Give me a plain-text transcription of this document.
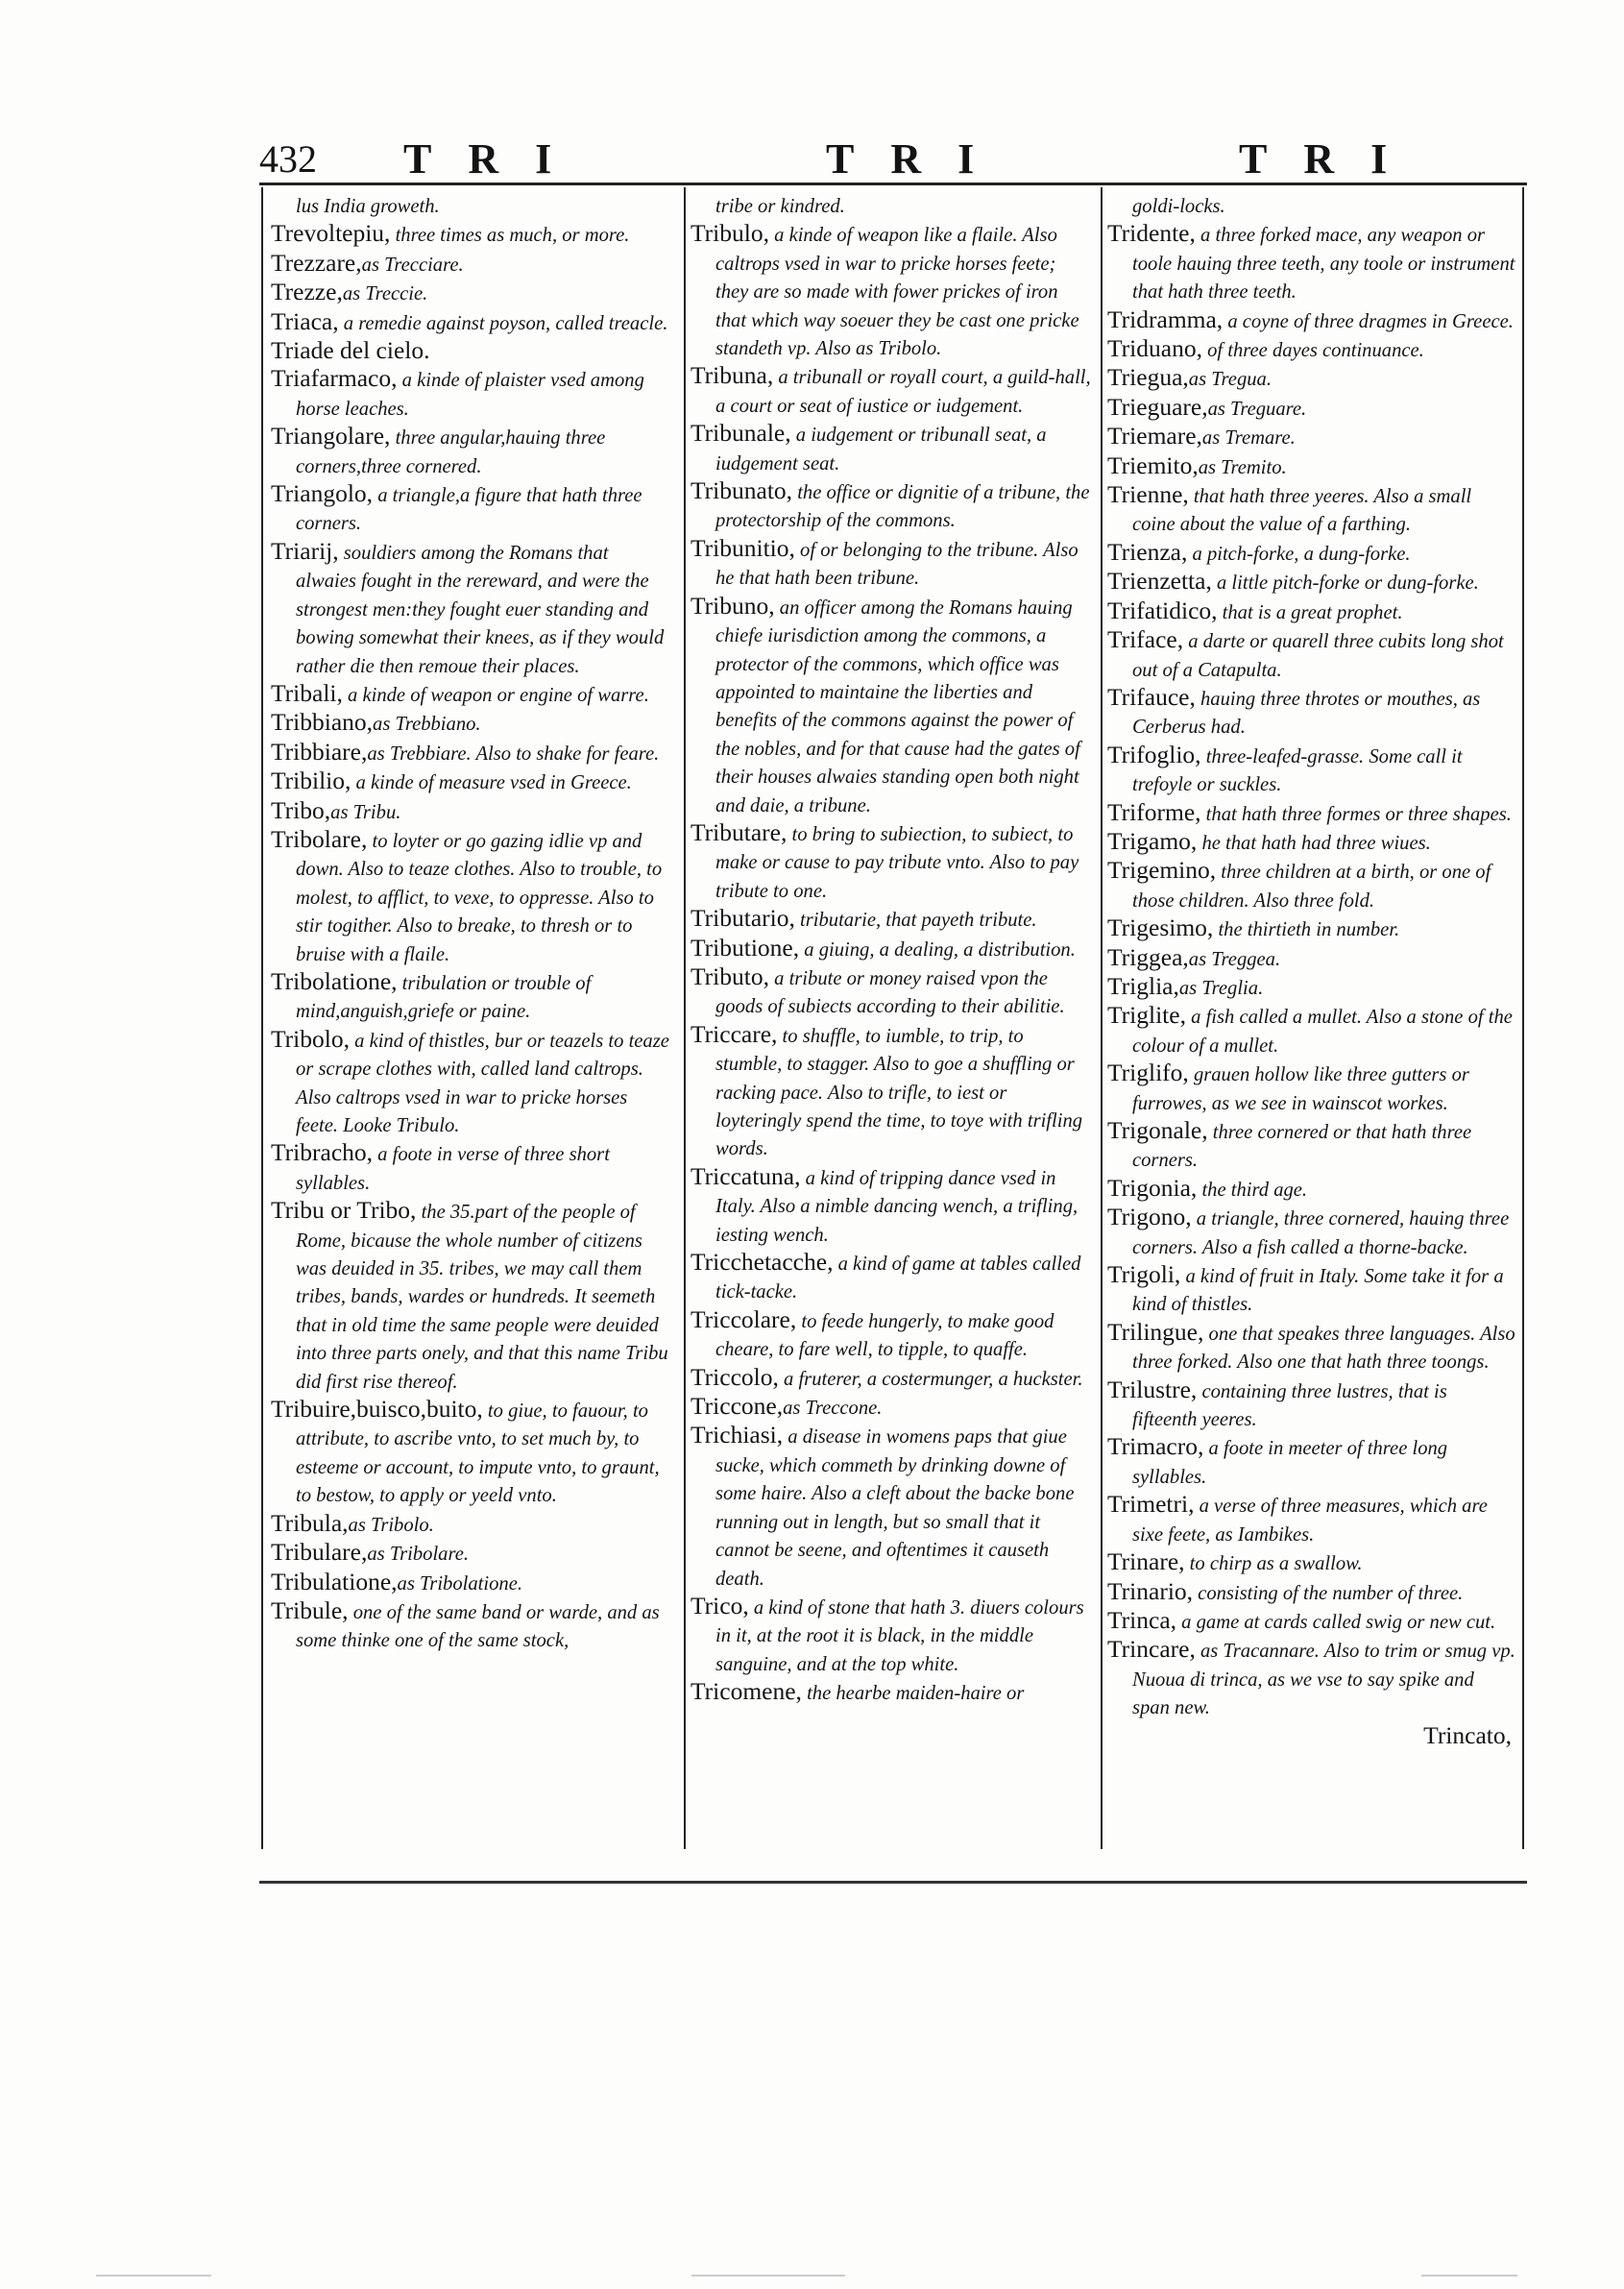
432 TRI	TRI	TRI
lus India groweth.
Trevoltepiu, three times as much, or more.
Trezzare,as Trecciare.
Trezze,as Treccie.
Triaca, a remedie against poyson, called treacle.
Triade del cielo.
Triafarmaco, a kinde of plaister vsed among horse leaches.
Triangolare, three angular,hauing three corners,three cornered.
Triangolo, a triangle,a figure that hath three corners.
Triarij, souldiers among the Romans that alwaies fought in the rereward, and were the strongest men:they fought euer standing and bowing somewhat their knees, as if they would rather die then remoue their places.
Tribali, a kinde of weapon or engine of warre.
Tribbiano,as Trebbiano.
Tribbiare,as Trebbiare. Also to shake for feare.
Tribilio, a kinde of measure vsed in Greece.
Tribo,as Tribu.
Tribolare, to loyter or go gazing idlie vp and down. Also to teaze clothes. Also to trouble, to molest, to afflict, to vexe, to oppresse. Also to stir togither. Also to breake, to thresh or to bruise with a flaile.
Tribolatione, tribulation or trouble of mind,anguish,griefe or paine.
Tribolo, a kind of thistles, bur or teazels to teaze or scrape clothes with, called land caltrops. Also caltrops vsed in war to pricke horses feete. Looke Tribulo.
Tribracho, a foote in verse of three short syllables.
Tribu or Tribo, the 35.part of the people of Rome, bicause the whole number of citizens was deuided in 35. tribes, we may call them tribes, bands, wardes or hundreds. It seemeth that in old time the same people were deuided into three parts onely, and that this name Tribu did first rise thereof.
Tribuire,buisco,buito, to giue, to fauour, to attribute, to ascribe vnto, to set much by, to esteeme or account, to impute vnto, to graunt, to bestow, to apply or yeeld vnto.
Tribula,as Tribolo.
Tribulare,as Tribolare.
Tribulatione,as Tribolatione.
Tribule, one of the same band or warde, and as some thinke one of the same stock,
tribe or kindred.
Tribulo, a kinde of weapon like a flaile. Also caltrops vsed in war to pricke horses feete; they are so made with fower prickes of iron that which way soeuer they be cast one pricke standeth vp. Also as Tribolo.
Tribuna, a tribunall or royall court, a guild-hall, a court or seat of iustice or iudgement.
Tribunale, a iudgement or tribunall seat, a iudgement seat.
Tribunato, the office or dignitie of a tribune, the protectorship of the commons.
Tribunitio, of or belonging to the tribune. Also he that hath been tribune.
Tribuno, an officer among the Romans hauing chiefe iurisdiction among the commons, a protector of the commons, which office was appointed to maintaine the liberties and benefits of the commons against the power of the nobles, and for that cause had the gates of their houses alwaies standing open both night and daie, a tribune.
Tributare, to bring to subiection, to subiect, to make or cause to pay tribute vnto. Also to pay tribute to one.
Tributario, tributarie, that payeth tribute.
Tributione, a giuing, a dealing, a distribution.
Tributo, a tribute or money raised vpon the goods of subiects according to their abilitie.
Triccare, to shuffle, to iumble, to trip, to stumble, to stagger. Also to goe a shuffling or racking pace. Also to trifle, to iest or loyteringly spend the time, to toye with trifling words.
Triccatuna, a kind of tripping dance vsed in Italy. Also a nimble dancing wench, a trifling, iesting wench.
Tricchetacche, a kind of game at tables called tick-tacke.
Triccolare, to feede hungerly, to make good cheare, to fare well, to tipple, to quaffe.
Triccolo, a fruterer, a costermunger, a huckster.
Triccone,as Treccone.
Trichiasi, a disease in womens paps that giue sucke, which commeth by drinking downe of some haire. Also a cleft about the backe bone running out in length, but so small that it cannot be seene, and oftentimes it causeth death.
Trico, a kind of stone that hath 3. diuers colours in it, at the root it is black, in the middle sanguine, and at the top white.
Tricomene, the hearbe maiden-haire or
goldi-locks.
Tridente, a three forked mace, any weapon or toole hauing three teeth, any toole or instrument that hath three teeth.
Tridramma, a coyne of three dragmes in Greece.
Triduano, of three dayes continuance.
Triegua,as Tregua.
Trieguare,as Treguare.
Triemare,as Tremare.
Triemito,as Tremito.
Trienne, that hath three yeeres. Also a small coine about the value of a farthing.
Trienza, a pitch-forke, a dung-forke.
Trienzetta, a little pitch-forke or dung-forke.
Trifatidico, that is a great prophet.
Triface, a darte or quarell three cubits long shot out of a Catapulta.
Trifauce, hauing three throtes or mouthes, as Cerberus had.
Trifoglio, three-leafed-grasse. Some call it trefoyle or suckles.
Triforme, that hath three formes or three shapes.
Trigamo, he that hath had three wiues.
Trigemino, three children at a birth, or one of those children. Also three fold.
Trigesimo, the thirtieth in number.
Triggea,as Treggea.
Triglia,as Treglia.
Triglite, a fish called a mullet. Also a stone of the colour of a mullet.
Triglifo, grauen hollow like three gutters or furrowes, as we see in wainscot workes.
Trigonale, three cornered or that hath three corners.
Trigonia, the third age.
Trigono, a triangle, three cornered, hauing three corners. Also a fish called a thorne-backe.
Trigoli, a kind of fruit in Italy. Some take it for a kind of thistles.
Trilingue, one that speakes three languages. Also three forked. Also one that hath three toongs.
Trilustre, containing three lustres, that is fifteenth yeeres.
Trimacro, a foote in meeter of three long syllables.
Trimetri, a verse of three measures, which are sixe feete, as Iambikes.
Trinare, to chirp as a swallow.
Trinario, consisting of the number of three.
Trinca, a game at cards called swig or new cut.
Trincare, as Tracannare. Also to trim or smug vp. Nuoua di trinca, as we vse to say spike and span new.
Trincato,
